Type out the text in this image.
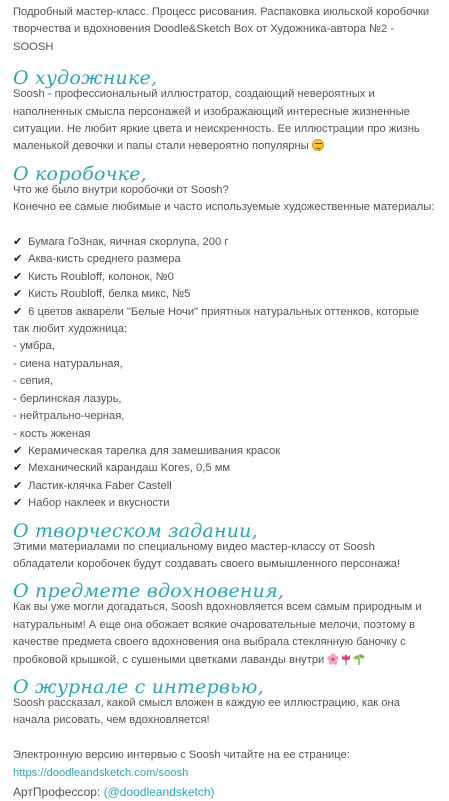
Подробный мастер-класс. Процесс рисования. Распаковка июльской коробочки творчества и вдохновения Doodle&Sketch Box от Художника-автора №2 - SOOSH

О художнике,

Soosh - профессиональный иллюстратор, создающий невероятных и наполненных смысла персонажей и изображающий интересные жизненные ситуации. Не любит яркие цвета и неискренность. Ее иллюстрации про жизнь маленькой девочки и папы стали невероятно популярны

О коробочке,

Что же было внутри коробочки от Soosh?

Конечно ее самые любимые и часто используемые художественные материалы:

✔ Бумага ГоЗнак, яичная скорлупа, 200 г
✔ Аква-кисть среднего размера
✔ Кисть Roubloff, колонок, №0
✔ Кисть Roubloff, белка микс, №5
✔ 6 цветов акварели "Белые Ночи" приятных натуральных оттенков, которые так любит художница:
- умбра,
- сиена натуральная,
- сепия,
- берлинская лазурь,
- нейтрально-черная,
- кость жженая
✔ Керамическая тарелка для замешивания красок
✔ Механический карандаш Kores, 0,5 мм
✔ Ластик-клячка Faber Castell
✔ Набор наклеек и вкусности
О творческом задании,

Этими материалами по специальному видео мастер-классу от Soosh обладатели коробочек будут создавать своего вымышленного персонажа!

О предмете вдохновения,

Как вы уже могли догадаться, Soosh вдохновляется всем самым природным и натуральным! А еще она обожает всякие очаровательные мелочи, поэтому в качестве предмета своего вдохновения она выбрала стеклянную баночку с пробковой крышкой, с сушеными цветками лаванды внутри

О журнале с интервью,

Soosh рассказал, какой смысл вложен в каждую ее иллюстрацию, как она начала рисовать, чем вдохновляется!

Электронную версию интервью с Soosh читайте на ее странице:

https://doodleandsketch.com/soosh

АртПрофессор: (@doodleandsketch)
